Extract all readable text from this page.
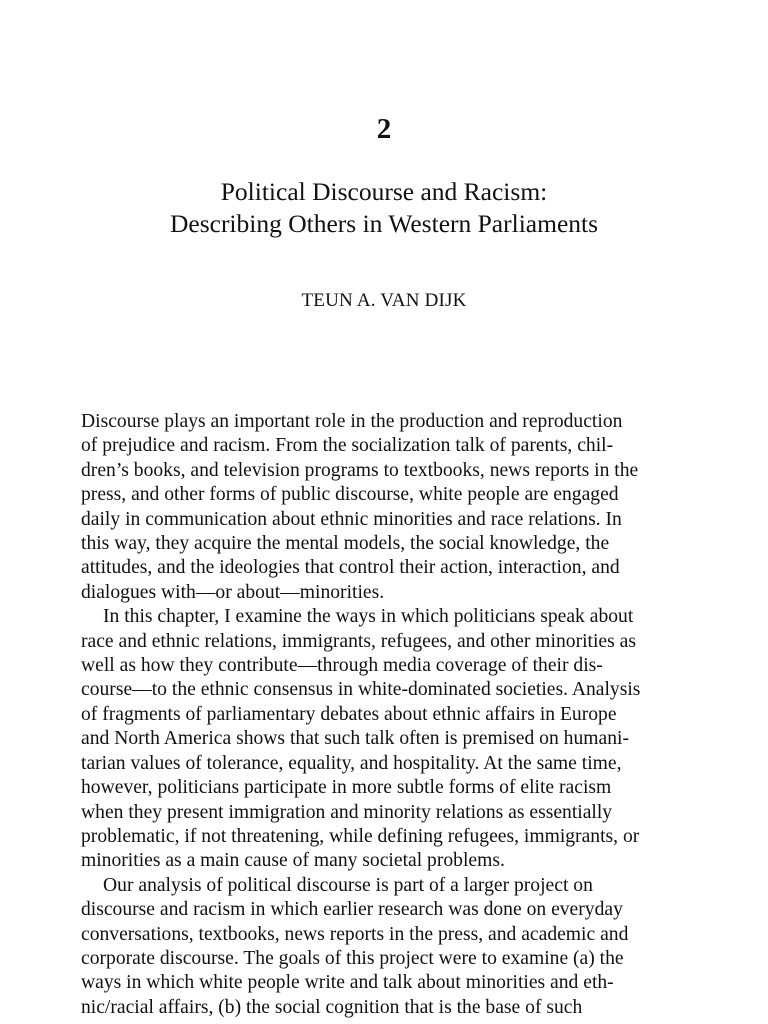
2
Political Discourse and Racism:
Describing Others in Western Parliaments
TEUN A. VAN DIJK
Discourse plays an important role in the production and reproduction
of prejudice and racism. From the socialization talk of parents, chil-
dren’s books, and television programs to textbooks, news reports in the
press, and other forms of public discourse, white people are engaged
daily in communication about ethnic minorities and race relations. In
this way, they acquire the mental models, the social knowledge, the
attitudes, and the ideologies that control their action, interaction, and
dialogues with—or about—minorities.
In this chapter, I examine the ways in which politicians speak about
race and ethnic relations, immigrants, refugees, and other minorities as
well as how they contribute—through media coverage of their dis-
course—to the ethnic consensus in white-dominated societies. Analysis
of fragments of parliamentary debates about ethnic affairs in Europe
and North America shows that such talk often is premised on humani-
tarian values of tolerance, equality, and hospitality. At the same time,
however, politicians participate in more subtle forms of elite racism
when they present immigration and minority relations as essentially
problematic, if not threatening, while defining refugees, immigrants, or
minorities as a main cause of many societal problems.
Our analysis of political discourse is part of a larger project on
discourse and racism in which earlier research was done on everyday
conversations, textbooks, news reports in the press, and academic and
corporate discourse. The goals of this project were to examine (a) the
ways in which white people write and talk about minorities and eth-
nic/racial affairs, (b) the social cognition that is the base of such
